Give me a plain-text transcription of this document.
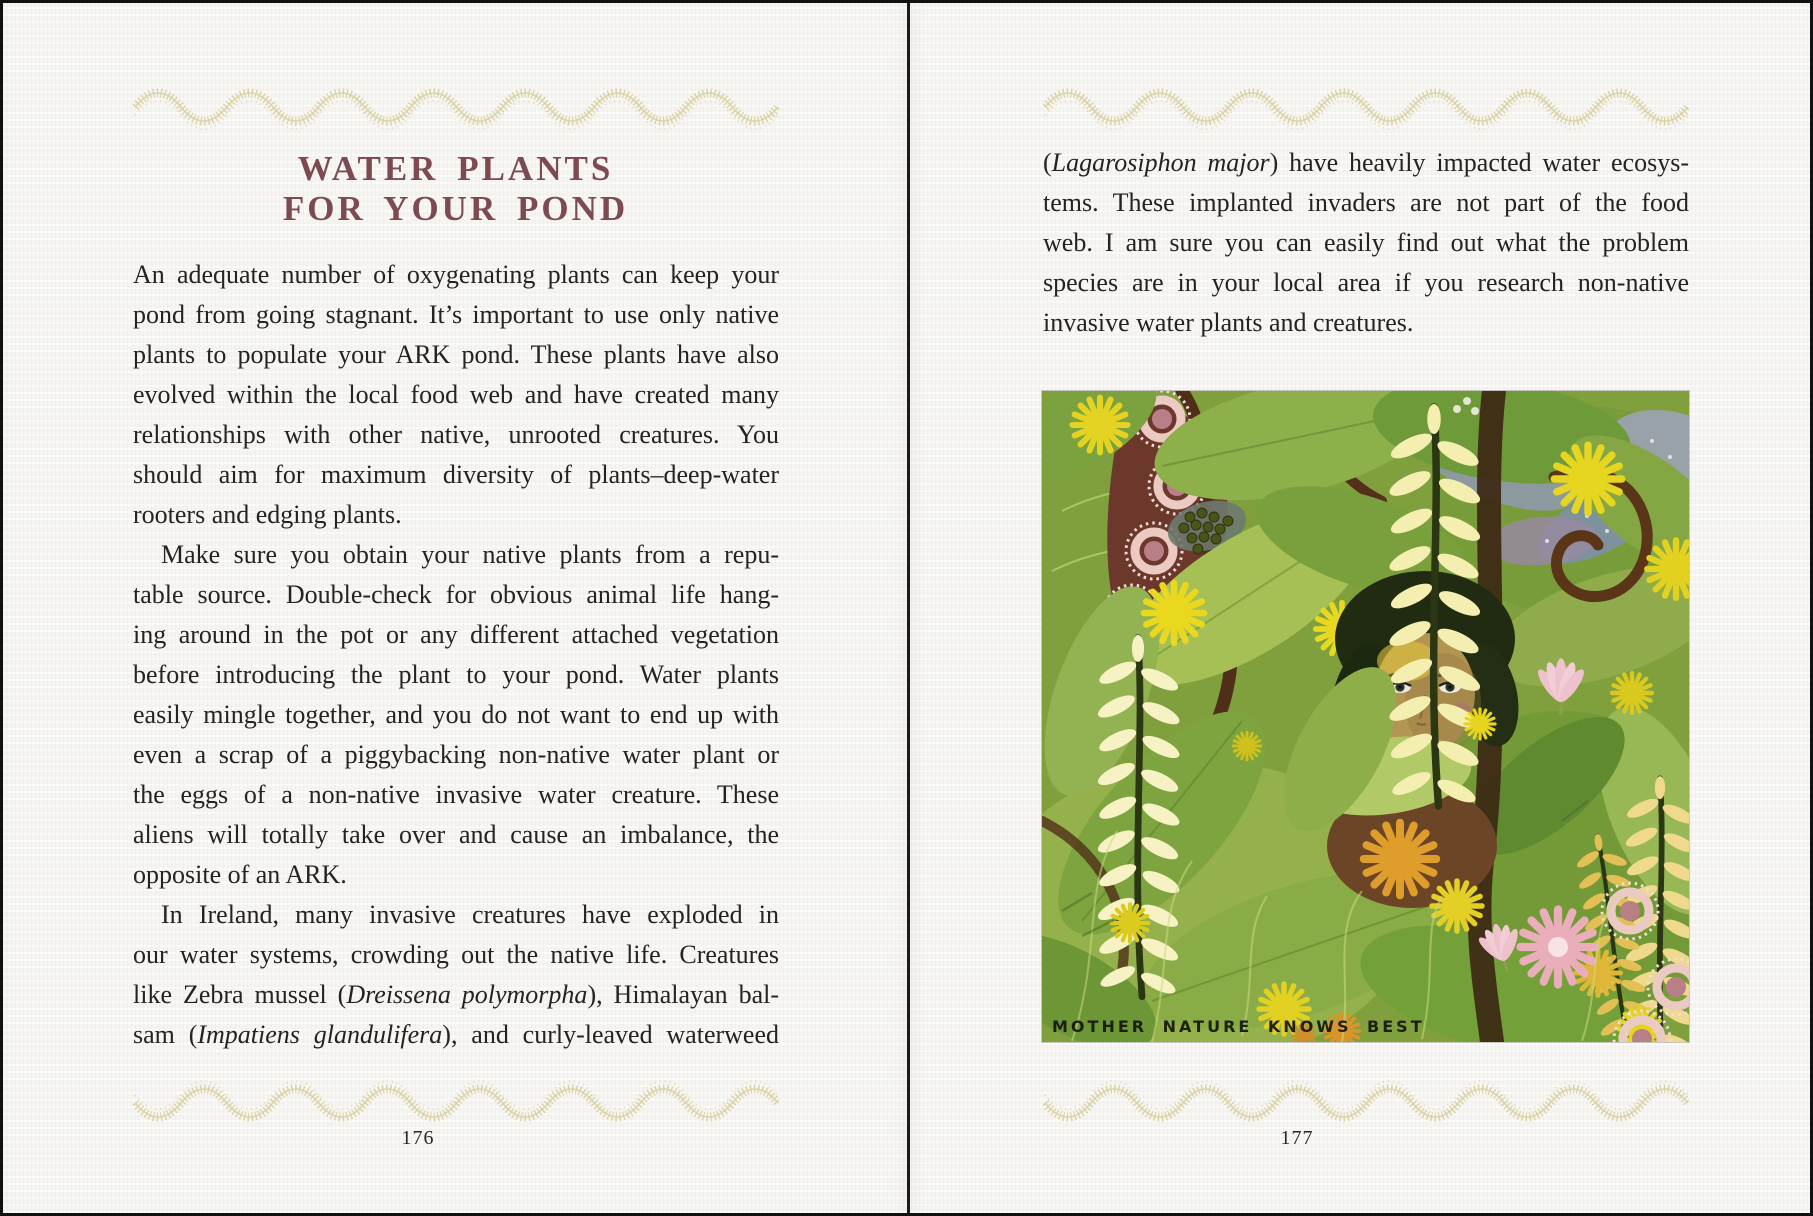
WATER PLANTS
FOR YOUR POND
An adequate number of oxygenating plants can keep your
pond from going stagnant. It’s important to use only native
plants to populate your ARK pond. These plants have also
evolved within the local food web and have created many
relationships with other native, unrooted creatures. You
should aim for maximum diversity of plants–deep-water
rooters and edging plants.
Make sure you obtain your native plants from a repu-
table source. Double-check for obvious animal life hang-
ing around in the pot or any different attached vegetation
before introducing the plant to your pond. Water plants
easily mingle together, and you do not want to end up with
even a scrap of a piggybacking non-native water plant or
the eggs of a non-native invasive water creature. These
aliens will totally take over and cause an imbalance, the
opposite of an ARK.
In Ireland, many invasive creatures have exploded in
our water systems, crowding out the native life. Creatures
like Zebra mussel (Dreissena polymorpha), Himalayan bal-
sam (Impatiens glandulifera), and curly-leaved waterweed
176
(Lagarosiphon major) have heavily impacted water ecosys-
tems. These implanted invaders are not part of the food
web. I am sure you can easily find out what the problem
species are in your local area if you research non-native
invasive water plants and creatures.
MOTHER NATURE KNOWS BEST
177
